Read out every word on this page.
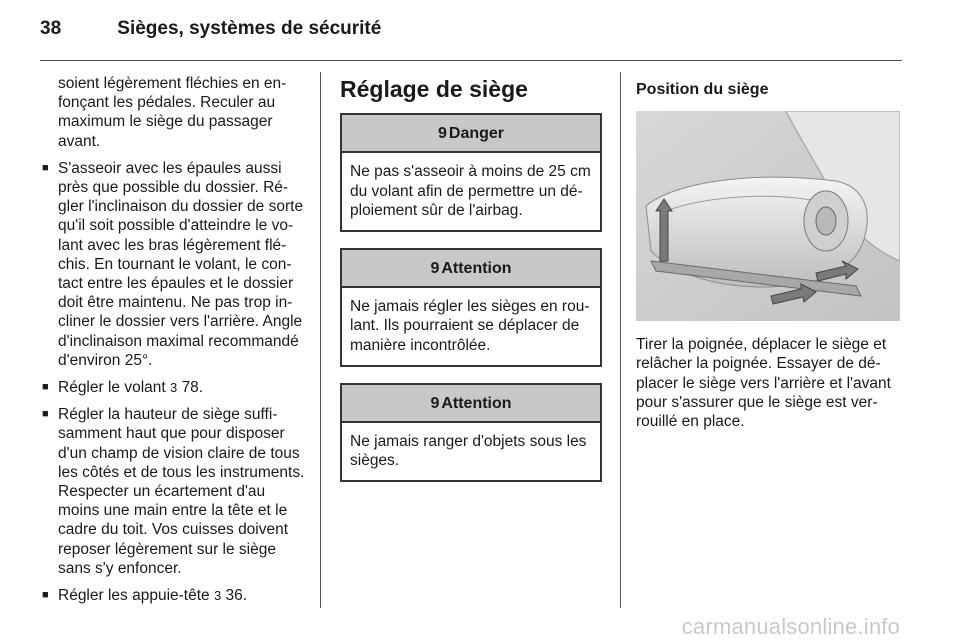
38	Sièges, systèmes de sécurité
soient légèrement fléchies en en-fonçant les pédales. Reculer au maximum le siège du passager avant.
■ S'asseoir avec les épaules aussi près que possible du dossier. Ré-gler l'inclinaison du dossier de sorte qu'il soit possible d'atteindre le vo-lant avec les bras légèrement flé-chis. En tournant le volant, le con-tact entre les épaules et le dossier doit être maintenu. Ne pas trop in-cliner le dossier vers l'arrière. Angle d'inclinaison maximal recommandé d'environ 25°.
■ Régler le volant 3 78.
■ Régler la hauteur de siège suffi-samment haut que pour disposer d'un champ de vision claire de tous les côtés et de tous les instruments. Respecter un écartement d'au moins une main entre la tête et le cadre du toit. Vos cuisses doivent reposer légèrement sur le siège sans s'y enfoncer.
■ Régler les appuie-tête 3 36.
Réglage de siège
9 Danger
Ne pas s'asseoir à moins de 25 cm du volant afin de permettre un dé-ploiement sûr de l'airbag.
9 Attention
Ne jamais régler les sièges en rou-lant. Ils pourraient se déplacer de manière incontrôlée.
9 Attention
Ne jamais ranger d'objets sous les sièges.
Position du siège
Tirer la poignée, déplacer le siège et relâcher la poignée. Essayer de dé-placer le siège vers l'arrière et l'avant pour s'assurer que le siège est ver-rouillé en place.
carmanualsonline.info
